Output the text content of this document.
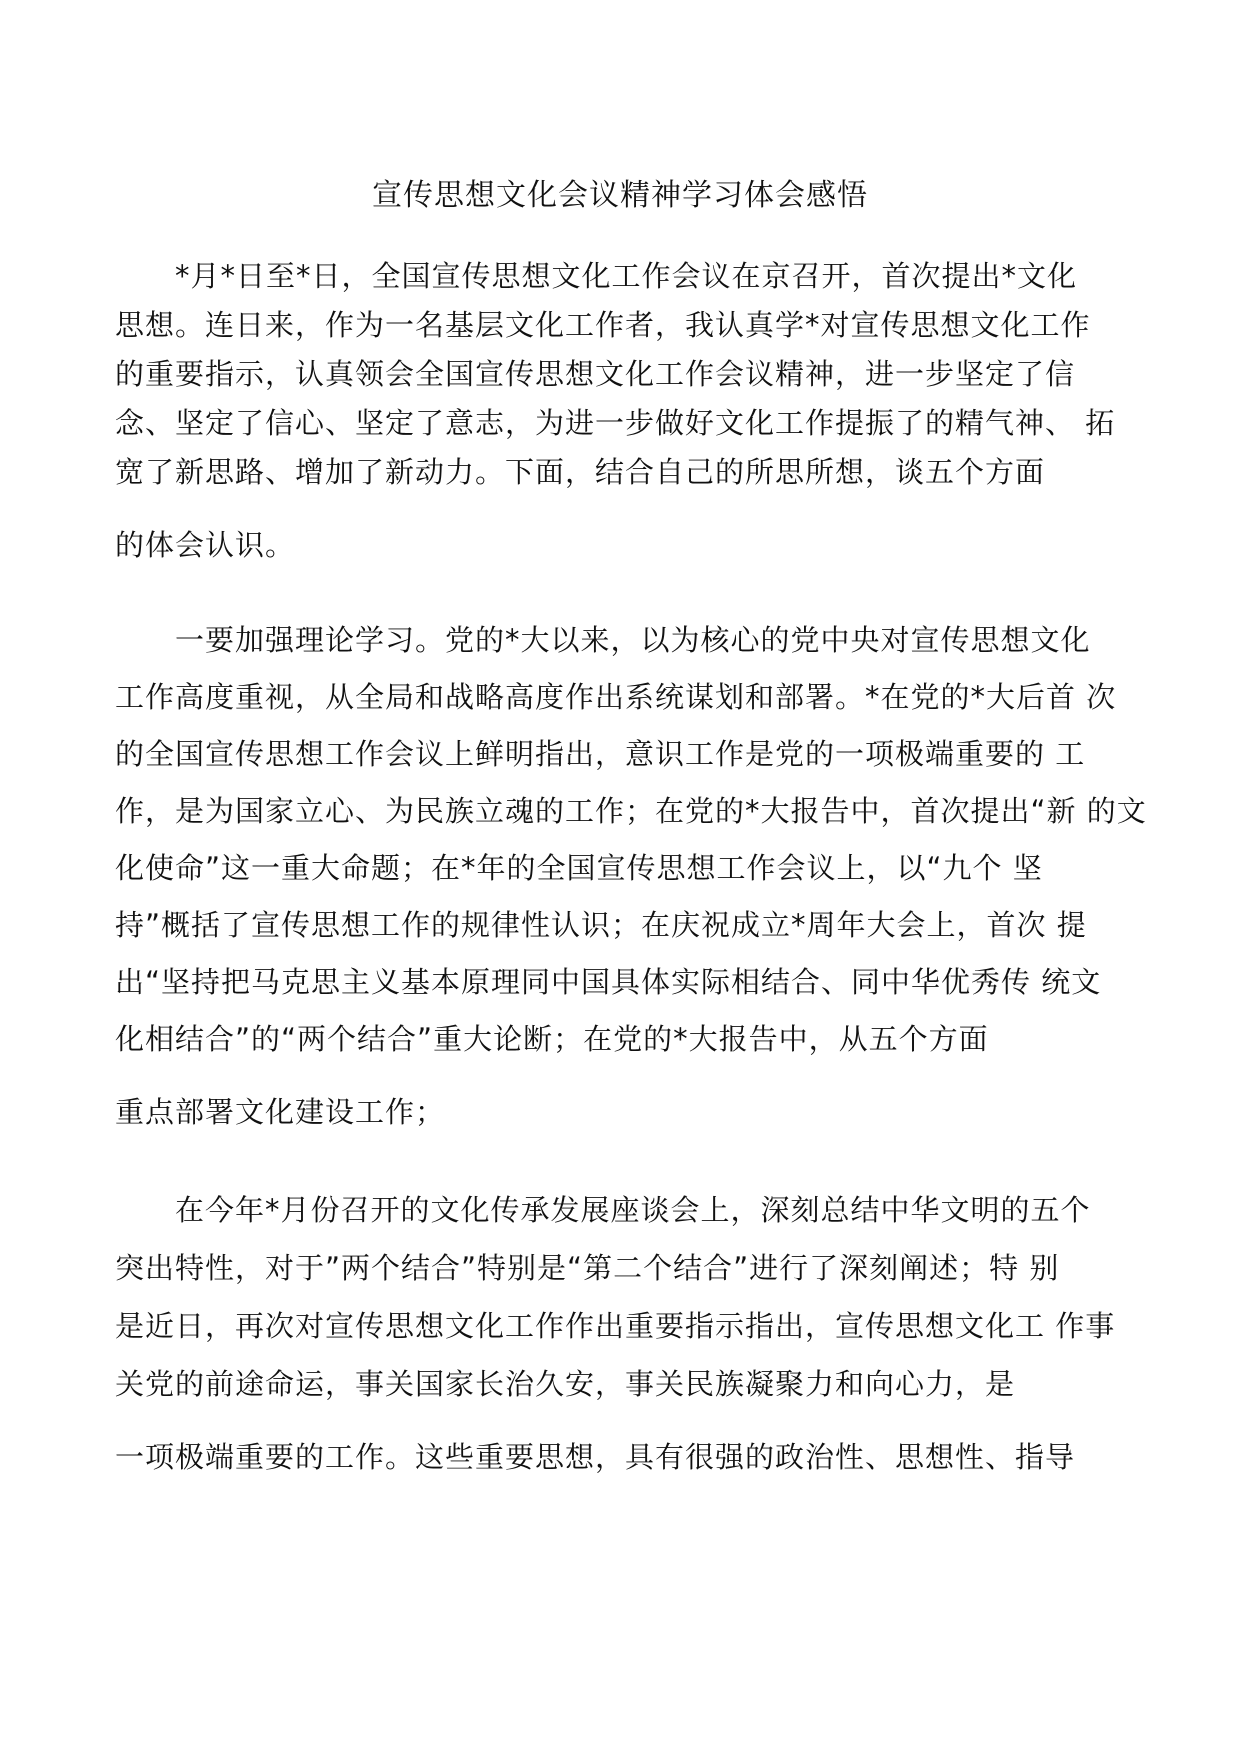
宣传思想文化会议精神学习体会感悟
*月*日至*日，全国宣传思想文化工作会议在京召开，首次提出*文化
思想。连日来，作为一名基层文化工作者，我认真学*对宣传思想文化工作
的重要指示，认真领会全国宣传思想文化工作会议精神，进一步坚定了信
念、坚定了信心、坚定了意志，为进一步做好文化工作提振了的精气神、 拓
宽了新思路、增加了新动力。下面，结合自己的所思所想，谈五个方面
的体会认识。
一要加强理论学习。党的*大以来，以为核心的党中央对宣传思想文化
工作高度重视，从全局和战略高度作出系统谋划和部署。*在党的*大后首 次
的全国宣传思想工作会议上鲜明指出，意识工作是党的一项极端重要的 工
作，是为国家立心、为民族立魂的工作；在党的*大报告中，首次提出“新 的文
化使命”这一重大命题；在*年的全国宣传思想工作会议上，以“九个 坚
持”概括了宣传思想工作的规律性认识；在庆祝成立*周年大会上，首次 提
出“坚持把马克思主义基本原理同中国具体实际相结合、同中华优秀传 统文
化相结合”的“两个结合”重大论断；在党的*大报告中，从五个方面
重点部署文化建设工作；
在今年*月份召开的文化传承发展座谈会上，深刻总结中华文明的五个
突出特性，对于”两个结合”特别是“第二个结合”进行了深刻阐述；特 别
是近日，再次对宣传思想文化工作作出重要指示指出，宣传思想文化工 作事
关党的前途命运，事关国家长治久安，事关民族凝聚力和向心力，是
一项极端重要的工作。这些重要思想，具有很强的政治性、思想性、指导
